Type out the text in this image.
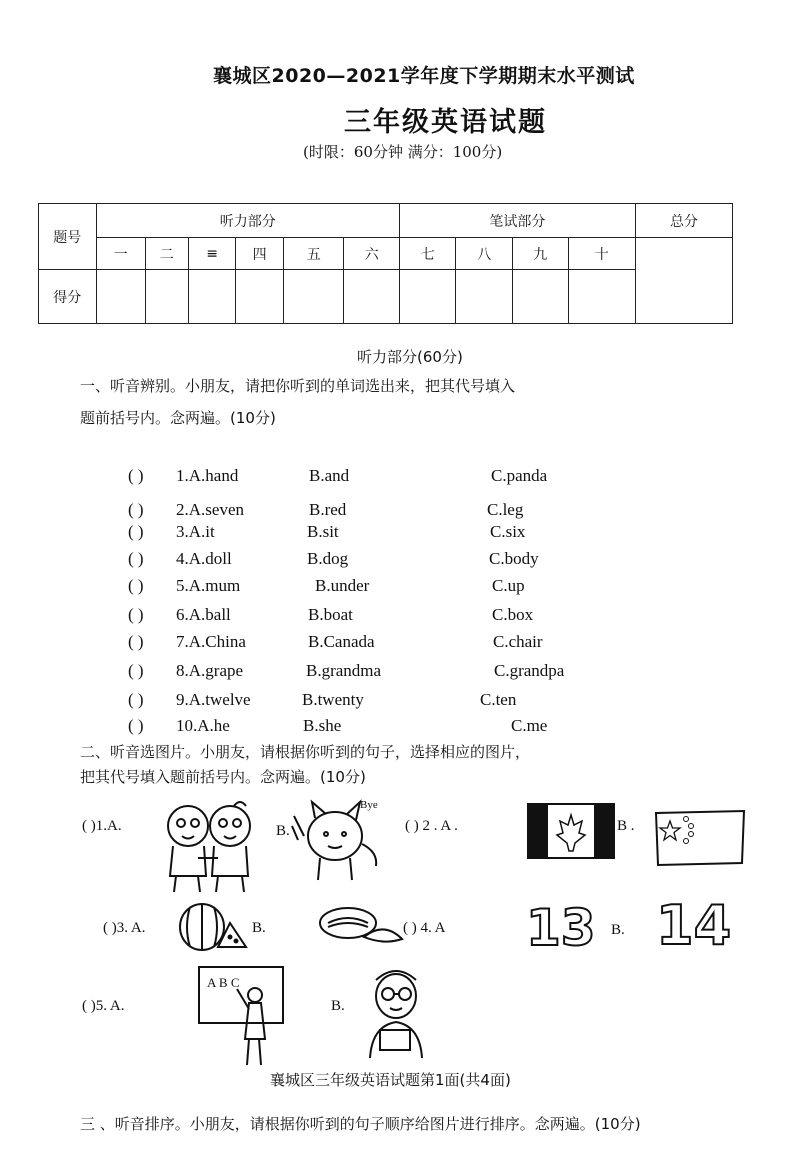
襄城区2020—2021学年度下学期期末水平测试
三年级英语试题
(时限：60分钟 满分：100分)
题号	听力部分						笔试部分				总分
	一	二	≡	四	五	六	七	八	九	十	
得分											
听力部分(60分)
一、听音辨别。小朋友，请把你听到的单词选出来，把其代号填入
题前括号内。念两遍。(10分)
( ) 1.A.hand	B.and	C.panda
( ) 2.A.seven	B.red	C.leg
( ) 3.A.it	B.sit	C.six
( ) 4.A.doll	B.dog	C.body
( ) 5.A.mum	B.under	C.up
( ) 6.A.ball	B.boat	C.box
( ) 7.A.China	B.Canada	C.chair
( ) 8.A.grape	B.grandma	C.grandpa
( ) 9.A.twelve	B.twenty	C.ten
( ) 10.A.he	B.she	C.me
二、听音选图片。小朋友，请根据你听到的句子，选择相应的图片，
把其代号填入题前括号内。念两遍。(10分)
( )1.A.	B.
Bye
( ) 2 . A .	B .
( )3. A.	B.	( ) 4. A 13 B. 14
( )5. A.
A B C
B.
襄城区三年级英语试题第1面(共4面)
三 、听音排序。小朋友，请根据你听到的句子顺序给图片进行排序。念两遍。(10分)
